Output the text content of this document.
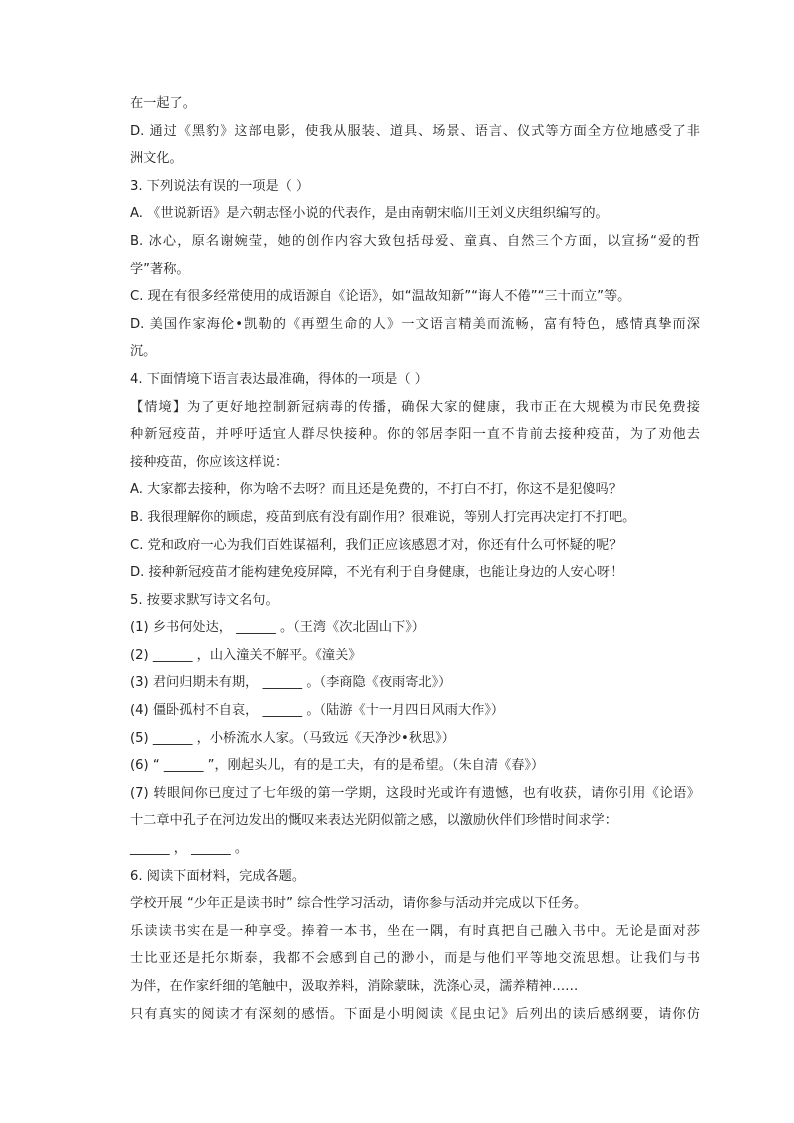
在一起了。
D. 通过《黑豹》这部电影，使我从服装、道具、场景、语言、仪式等方面全方位地感受了非
洲文化。
3. 下列说法有误的一项是（ ）
A. 《世说新语》是六朝志怪小说的代表作，是由南朝宋临川王刘义庆组织编写的。
B. 冰心，原名谢婉莹，她的创作内容大致包括母爱、童真、自然三个方面，以宣扬“爱的哲
学”著称。
C. 现在有很多经常使用的成语源自《论语》，如“温故知新”“诲人不倦”“三十而立”等。
D. 美国作家海伦•凯勒的《再塑生命的人》一文语言精美而流畅，富有特色，感情真挚而深
沉。
4. 下面情境下语言表达最准确，得体的一项是（ ）
【情境】为了更好地控制新冠病毒的传播，确保大家的健康，我市正在大规模为市民免费接
种新冠疫苗，并呼吁适宜人群尽快接种。你的邻居李阳一直不肯前去接种疫苗，为了劝他去
接种疫苗，你应该这样说：
A. 大家都去接种，你为啥不去呀？而且还是免费的，不打白不打，你这不是犯傻吗？
B. 我很理解你的顾虑，疫苗到底有没有副作用？很难说，等别人打完再决定打不打吧。
C. 党和政府一心为我们百姓谋福利，我们正应该感恩才对，你还有什么可怀疑的呢？
D. 接种新冠疫苗才能构建免疫屏障，不光有利于自身健康，也能让身边的人安心呀！
5. 按要求默写诗文名句。
(1) 乡书何处达， ______ 。（王湾《次北固山下》）
(2) ______ ，山入潼关不解平。《潼关》
(3) 君问归期未有期， ______ 。（李商隐《夜雨寄北》）
(4) 僵卧孤村不自哀， ______ 。（陆游《十一月四日风雨大作》）
(5) ______ ，小桥流水人家。（马致远《天净沙•秋思》）
(6) “ ______ ”，刚起头儿，有的是工夫，有的是希望。（朱自清《春》）
(7) 转眼间你已度过了七年级的第一学期，这段时光或许有遗憾，也有收获，请你引用《论语》
十二章中孔子在河边发出的慨叹来表达光阴似箭之感，以激励伙伴们珍惜时间求学：
______ ， ______ 。
6. 阅读下面材料，完成各题。
学校开展 “少年正是读书时” 综合性学习活动，请你参与活动并完成以下任务。
乐读读书实在是一种享受。捧着一本书，坐在一隅，有时真把自己融入书中。无论是面对莎
士比亚还是托尔斯泰，我都不会感到自己的渺小，而是与他们平等地交流思想。让我们与书
为伴，在作家纤细的笔触中，汲取养料，消除蒙昧，洗涤心灵，濡养精神……
只有真实的阅读才有深刻的感悟。下面是小明阅读《昆虫记》后列出的读后感纲要，请你仿
